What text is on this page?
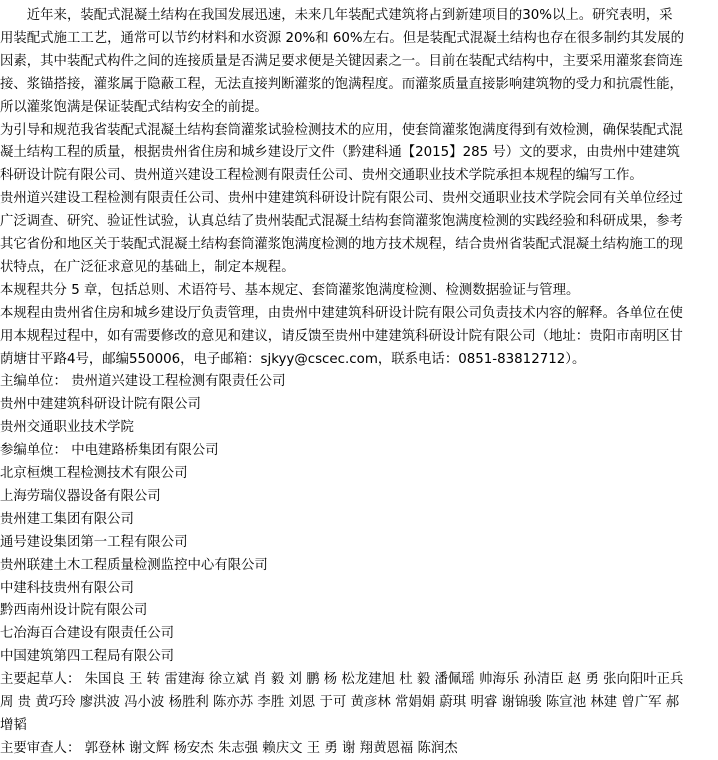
　　近年来，装配式混凝土结构在我国发展迅速，未来几年装配式建筑将占到新建项目的30%以上。研究表明，采
用装配式施工工艺，通常可以节约材料和水资源 20%和 60%左右。但是装配式混凝土结构也存在很多制约其发展的
因素，其中装配式构件之间的连接质量是否满足要求便是关键因素之一。目前在装配式结构中，主要采用灌浆套筒连
接、浆锚搭接，灌浆属于隐蔽工程，无法直接判断灌浆的饱满程度。而灌浆质量直接影响建筑物的受力和抗震性能，
所以灌浆饱满是保证装配式结构安全的前提。
为引导和规范我省装配式混凝土结构套筒灌浆试验检测技术的应用，使套筒灌浆饱满度得到有效检测，确保装配式混
凝土结构工程的质量，根据贵州省住房和城乡建设厅文件（黔建科通【2015】285 号）文的要求，由贵州中建建筑
科研设计院有限公司、贵州道兴建设工程检测有限责任公司、贵州交通职业技术学院承担本规程的编写工作。
贵州道兴建设工程检测有限责任公司、贵州中建建筑科研设计院有限公司、贵州交通职业技术学院会同有关单位经过
广泛调查、研究、验证性试验，认真总结了贵州装配式混凝土结构套筒灌浆饱满度检测的实践经验和科研成果，参考
其它省份和地区关于装配式混凝土结构套筒灌浆饱满度检测的地方技术规程，结合贵州省装配式混凝土结构施工的现
状特点，在广泛征求意见的基础上，制定本规程。
本规程共分 5 章，包括总则、术语符号、基本规定、套筒灌浆饱满度检测、检测数据验证与管理。
本规程由贵州省住房和城乡建设厅负责管理，由贵州中建建筑科研设计院有限公司负责技术内容的解释。各单位在使
用本规程过程中，如有需要修改的意见和建议，请反馈至贵州中建建筑科研设计院有限公司（地址：贵阳市南明区甘
荫塘甘平路4号，邮编550006，电子邮箱：sjkyy@cscec.com，联系电话：0851-83812712）。
主编单位： 贵州道兴建设工程检测有限责任公司
贵州中建建筑科研设计院有限公司
贵州交通职业技术学院
参编单位： 中电建路桥集团有限公司
北京桓燠工程检测技术有限公司
上海劳瑞仪器设备有限公司
贵州建工集团有限公司
通号建设集团第一工程有限公司
贵州联建土木工程质量检测监控中心有限公司
中建科技贵州有限公司
黔西南州设计院有限公司
七冶海百合建设有限责任公司
中国建筑第四工程局有限公司
主要起草人： 朱国良 王 转 雷建海 徐立斌 肖 毅 刘 鹏 杨 松龙建旭 杜 毅 潘佩瑶 帅海乐 孙清臣 赵 勇 张向阳叶正兵
周 贵 黄巧玲 廖洪波 冯小波 杨胜利 陈亦苏 李胜 刘恩 于可 黄彦林 常娟娟 蔚琪 明睿 谢锦骏 陈宣池 林建 曾广军 郝
增韬
主要审查人： 郭登林 谢文辉 杨安杰 朱志强 赖庆文 王 勇 谢 翔黄恩福 陈润杰
